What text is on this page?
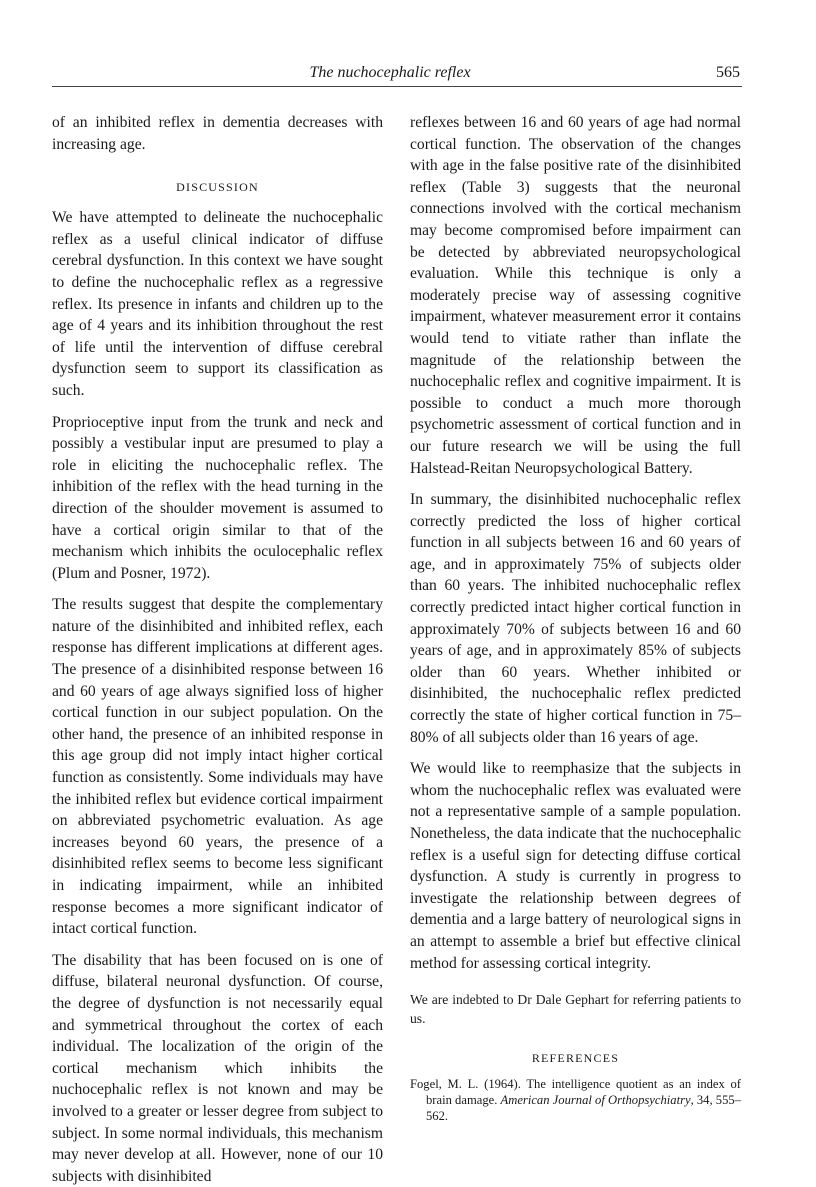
The nuchocephalic reflex	565

of an inhibited reflex in dementia decreases with increasing age.

DISCUSSION

We have attempted to delineate the nuchocephalic reflex as a useful clinical indicator of diffuse cerebral dysfunction. In this context we have sought to define the nuchocephalic reflex as a regressive reflex. Its presence in infants and children up to the age of 4 years and its inhibition throughout the rest of life until the intervention of diffuse cerebral dysfunction seem to support its classification as such.

Proprioceptive input from the trunk and neck and possibly a vestibular input are presumed to play a role in eliciting the nuchocephalic reflex. The inhibition of the reflex with the head turning in the direction of the shoulder movement is assumed to have a cortical origin similar to that of the mechanism which inhibits the oculocephalic reflex (Plum and Posner, 1972).

The results suggest that despite the complementary nature of the disinhibited and inhibited reflex, each response has different implications at different ages. The presence of a disinhibited response between 16 and 60 years of age always signified loss of higher cortical function in our subject population. On the other hand, the presence of an inhibited response in this age group did not imply intact higher cortical function as consistently. Some individuals may have the inhibited reflex but evidence cortical impairment on abbreviated psychometric evaluation. As age increases beyond 60 years, the presence of a disinhibited reflex seems to become less significant in indicating impairment, while an inhibited response becomes a more significant indicator of intact cortical function.

The disability that has been focused on is one of diffuse, bilateral neuronal dysfunction. Of course, the degree of dysfunction is not necessarily equal and symmetrical throughout the cortex of each individual. The localization of the origin of the cortical mechanism which inhibits the nuchocephalic reflex is not known and may be involved to a greater or lesser degree from subject to subject. In some normal individuals, this mechanism may never develop at all. However, none of our 10 subjects with disinhibited

reflexes between 16 and 60 years of age had normal cortical function. The observation of the changes with age in the false positive rate of the disinhibited reflex (Table 3) suggests that the neuronal connections involved with the cortical mechanism may become compromised before impairment can be detected by abbreviated neuropsychological evaluation. While this technique is only a moderately precise way of assessing cognitive impairment, whatever measurement error it contains would tend to vitiate rather than inflate the magnitude of the relationship between the nuchocephalic reflex and cognitive impairment. It is possible to conduct a much more thorough psychometric assessment of cortical function and in our future research we will be using the full Halstead-Reitan Neuropsychological Battery.

In summary, the disinhibited nuchocephalic reflex correctly predicted the loss of higher cortical function in all subjects between 16 and 60 years of age, and in approximately 75% of subjects older than 60 years. The inhibited nuchocephalic reflex correctly predicted intact higher cortical function in approximately 70% of subjects between 16 and 60 years of age, and in approximately 85% of subjects older than 60 years. Whether inhibited or disinhibited, the nuchocephalic reflex predicted correctly the state of higher cortical function in 75–80% of all subjects older than 16 years of age.

We would like to reemphasize that the subjects in whom the nuchocephalic reflex was evaluated were not a representative sample of a sample population. Nonetheless, the data indicate that the nuchocephalic reflex is a useful sign for detecting diffuse cortical dysfunction. A study is currently in progress to investigate the relationship between degrees of dementia and a large battery of neurological signs in an attempt to assemble a brief but effective clinical method for assessing cortical integrity.

We are indebted to Dr Dale Gephart for referring patients to us.

REFERENCES

Fogel, M. L. (1964). The intelligence quotient as an index of brain damage. American Journal of Orthopsychiatry, 34, 555–562.
